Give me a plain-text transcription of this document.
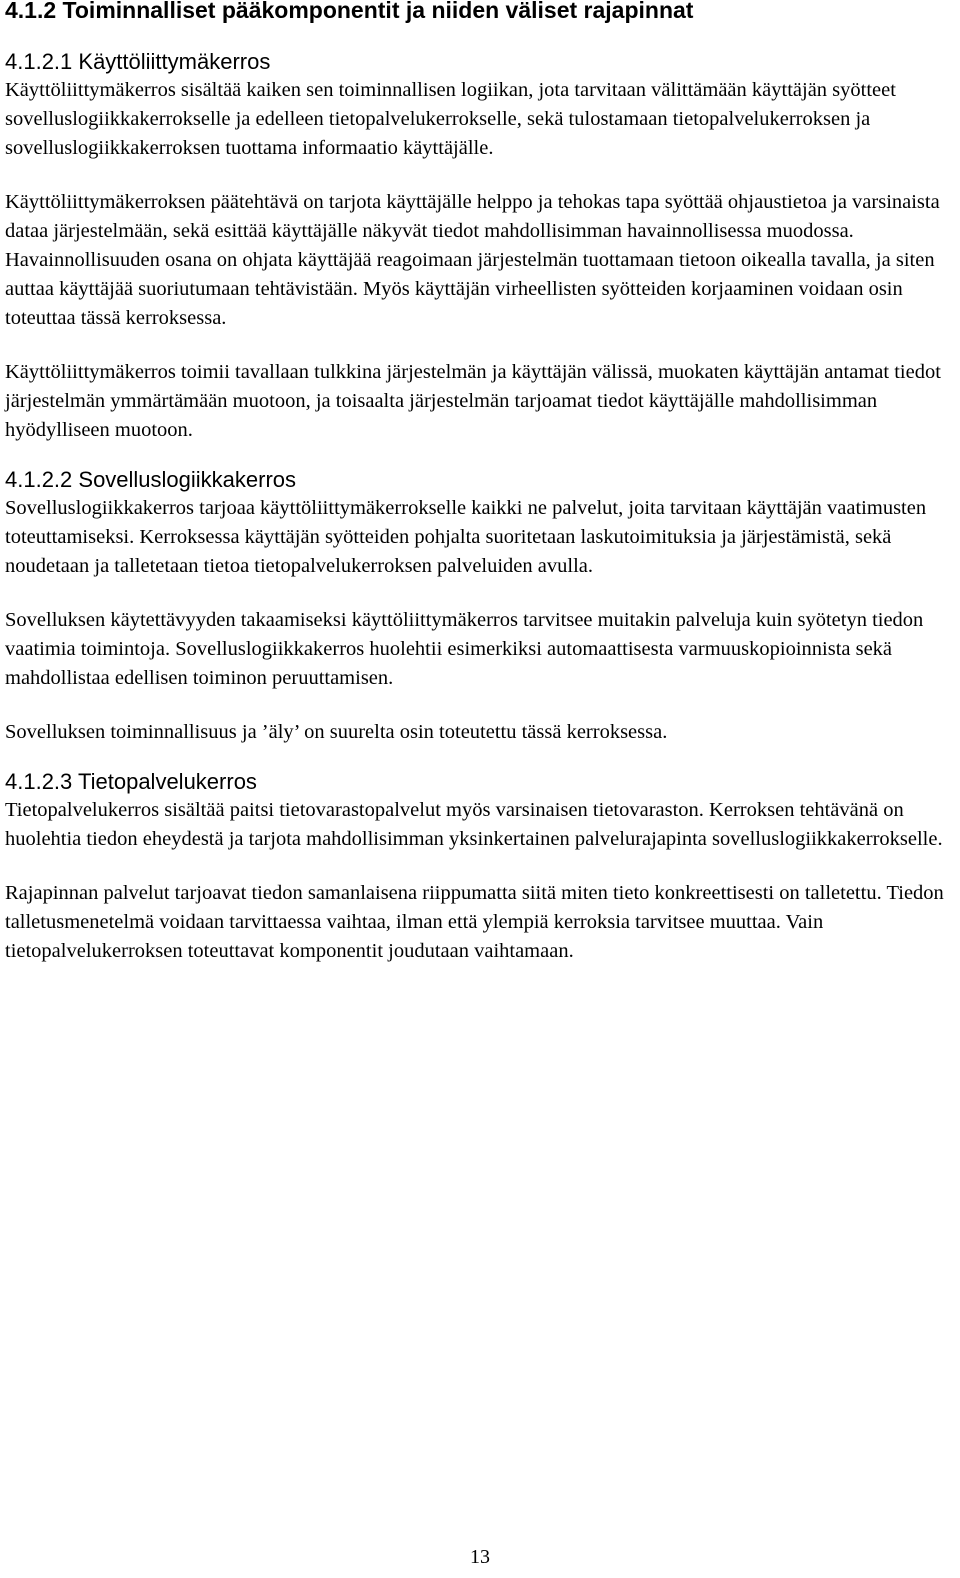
4.1.2 Toiminnalliset pääkomponentit ja niiden väliset rajapinnat
4.1.2.1 Käyttöliittymäkerros

Käyttöliittymäkerros sisältää kaiken sen toiminnallisen logiikan, jota tarvitaan välittämään käyttäjän syötteet sovelluslogiikkakerrokselle ja edelleen tietopalvelukerrokselle, sekä tulostamaan tietopalvelukerroksen ja sovelluslogiikkakerroksen tuottama informaatio käyttäjälle.

Käyttöliittymäkerroksen päätehtävä on tarjota käyttäjälle helppo ja tehokas tapa syöttää ohjaustietoa ja varsinaista dataa järjestelmään, sekä esittää käyttäjälle näkyvät tiedot mahdollisimman havainnollisessa muodossa. Havainnollisuuden osana on ohjata käyttäjää reagoimaan järjestelmän tuottamaan tietoon oikealla tavalla, ja siten auttaa käyttäjää suoriutumaan tehtävistään. Myös käyttäjän virheellisten syötteiden korjaaminen voidaan osin toteuttaa tässä kerroksessa.

Käyttöliittymäkerros toimii tavallaan tulkkina järjestelmän ja käyttäjän välissä, muokaten käyttäjän antamat tiedot järjestelmän ymmärtämään muotoon, ja toisaalta järjestelmän tarjoamat tiedot käyttäjälle mahdollisimman hyödylliseen muotoon.

4.1.2.2 Sovelluslogiikkakerros

Sovelluslogiikkakerros tarjoaa käyttöliittymäkerrokselle kaikki ne palvelut, joita tarvitaan käyttäjän vaatimusten toteuttamiseksi. Kerroksessa käyttäjän syötteiden pohjalta suoritetaan laskutoimituksia ja järjestämistä, sekä noudetaan ja talletetaan tietoa tietopalvelukerroksen palveluiden avulla.

Sovelluksen käytettävyyden takaamiseksi käyttöliittymäkerros tarvitsee muitakin palveluja kuin syötetyn tiedon vaatimia toimintoja. Sovelluslogiikkakerros huolehtii esimerkiksi automaattisesta varmuuskopioinnista sekä mahdollistaa edellisen toiminon peruuttamisen.

Sovelluksen toiminnallisuus ja ’äly’ on suurelta osin toteutettu tässä kerroksessa.

4.1.2.3 Tietopalvelukerros

Tietopalvelukerros sisältää paitsi tietovarastopalvelut myös varsinaisen tietovaraston. Kerroksen tehtävänä on huolehtia tiedon eheydestä ja tarjota mahdollisimman yksinkertainen palvelurajapinta sovelluslogiikkakerrokselle.

Rajapinnan palvelut tarjoavat tiedon samanlaisena riippumatta siitä miten tieto konkreettisesti on talletettu. Tiedon talletusmenetelmä voidaan tarvittaessa vaihtaa, ilman että ylempiä kerroksia tarvitsee muuttaa. Vain tietopalvelukerroksen toteuttavat komponentit joudutaan vaihtamaan.

13
